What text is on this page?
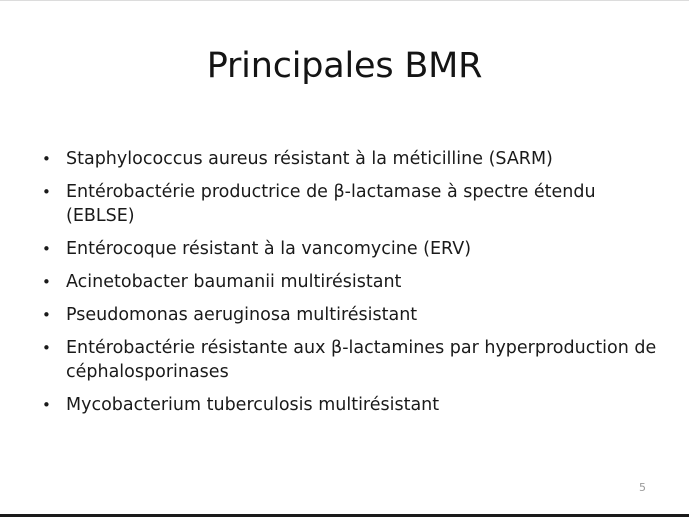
Principales BMR
• Staphylococcus aureus résistant à la méticilline (SARM)
• Entérobactérie productrice de β-lactamase à spectre étendu (EBLSE)
• Entérocoque résistant à la vancomycine (ERV)
• Acinetobacter baumanii multirésistant
• Pseudomonas aeruginosa multirésistant
• Entérobactérie résistante aux β-lactamines par hyperproduction de céphalosporinases
• Mycobacterium tuberculosis multirésistant
5
